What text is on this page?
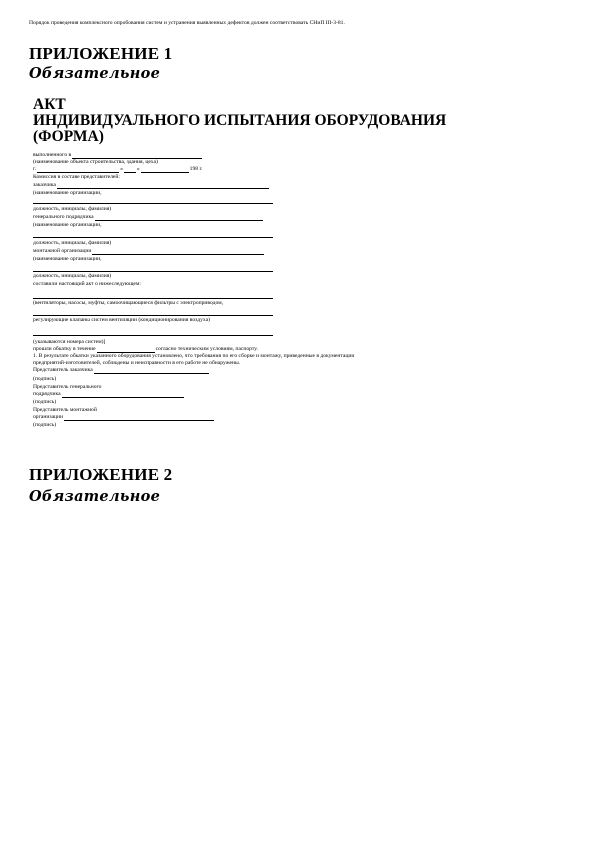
Порядок проведения комплексного опробования систем и устранения выявленных дефектов должен соответствовать СНиП III-3-81.
ПРИЛОЖЕНИЕ 1
Обязательное
АКТ
ИНДИВИДУАЛЬНОГО ИСПЫТАНИЯ ОБОРУДОВАНИЯ
(ФОРМА)
выполненного в
(наименование объекта строительства, здания, цеха)
г.	«	»	198 г.
Комиссия в составе представителей:
заказчика
(наименование организации,
должность, инициалы, фамилия)
генерального подрядчика
(наименование организации,
должность, инициалы, фамилия)
монтажной организации
(наименование организации,
должность, инициалы, фамилия)
составили настоящий акт о нижеследующем:
(вентиляторы, насосы, муфты, самоочищающиеся фильтры с электроприводом,
регулирующие клапаны систем вентиляции (кондиционирования воздуха)
(указываются номера систем)]
прошли обкатку в течение	согласно техническим условиям, паспорту.
1. В результате обкатки указанного оборудования установлено, что требования по его сборке и монтажу, приведенные в документации
предприятий-изготовителей, соблюдены и неисправности в его работе не обнаружены.
Представитель заказчика
(подпись)
Представитель генерального
подрядчика
(подпись)
Представитель монтажной
организации
(подпись)
ПРИЛОЖЕНИЕ 2
Обязательное
